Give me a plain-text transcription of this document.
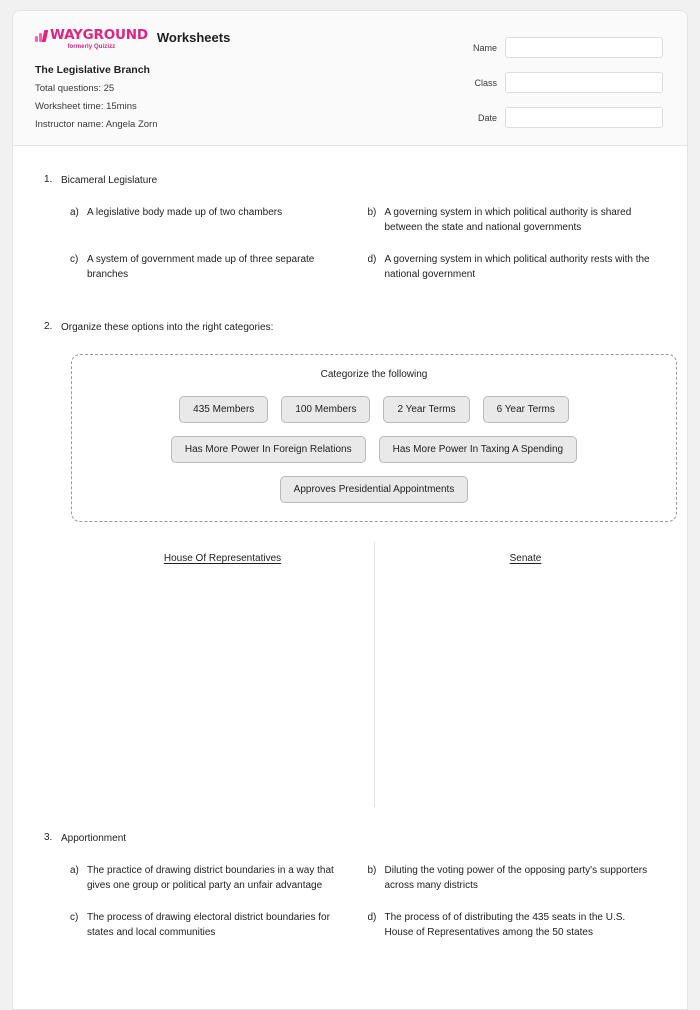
WAYGROUND
formerly Quizizz
Worksheets
The Legislative Branch
Total questions: 25
Worksheet time: 15mins
Instructor name: Angela Zorn
Name
Class
Date
1. Bicameral Legislature
a) A legislative body made up of two chambers	b) A governing system in which political authority is shared between the state and national governments
c) A system of government made up of three separate branches
d) A governing system in which political authority rests with the national government
2. Organize these options into the right categories:
Categorize the following
435 Members	100 Members	2 Year Terms	6 Year Terms
Has More Power In Foreign Relations	Has More Power In Taxing A Spending
Approves Presidential Appointments
House Of Representatives	Senate
3. Apportionment
a) The practice of drawing district boundaries in a way that gives one group or political party an unfair advantage
b) Diluting the voting power of the opposing party's supporters across many districts
c) The process of drawing electoral district boundaries for states and local communities
d) The process of of distributing the 435 seats in the U.S. House of Representatives among the 50 states
